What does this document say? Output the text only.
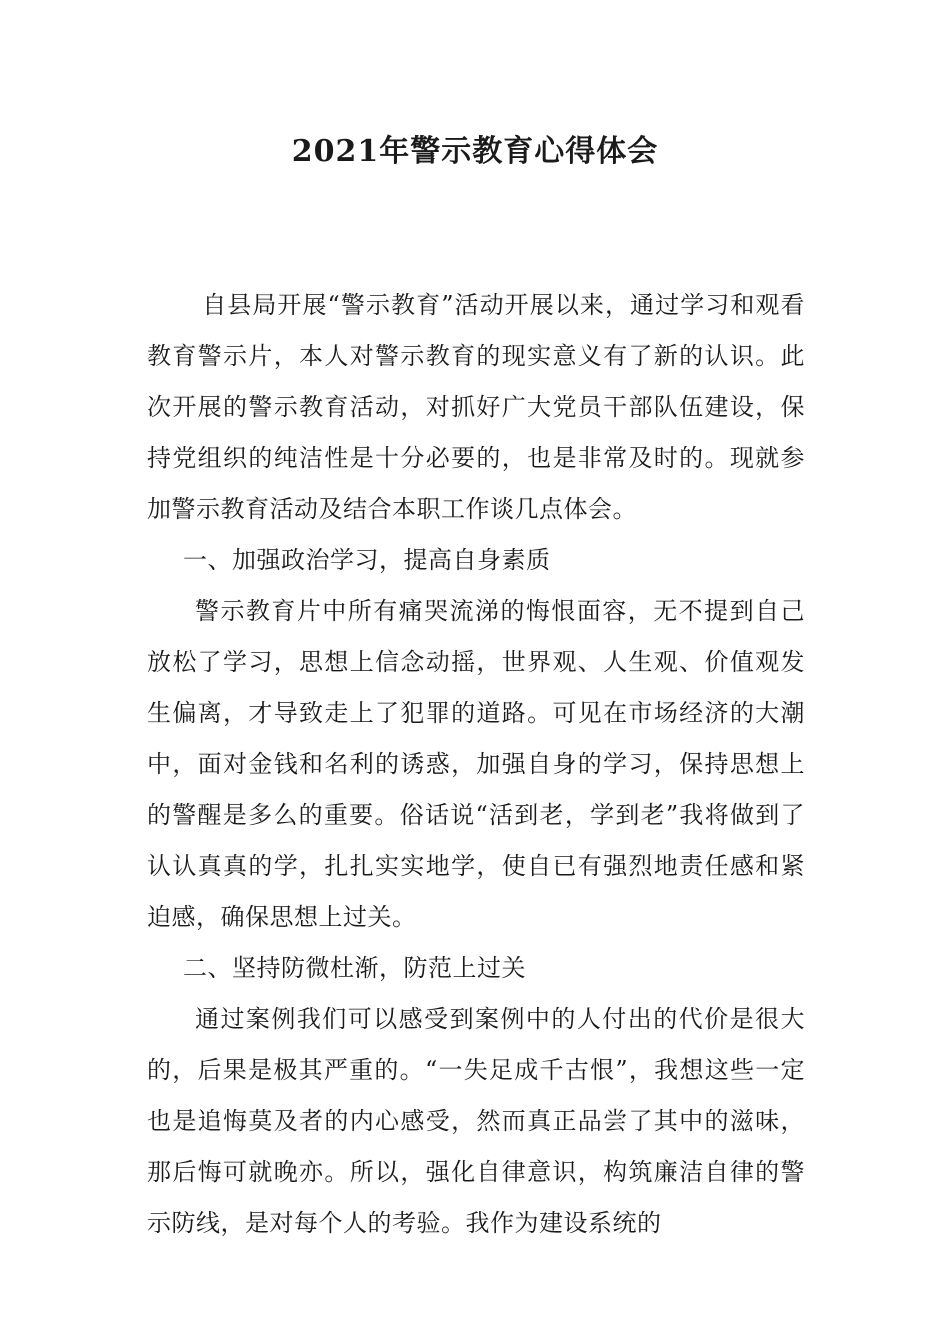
2021年警示教育心得体会

自县局开展“警示教育”活动开展以来，通过学习和观看教育警示片，本人对警示教育的现实意义有了新的认识。此次开展的警示教育活动，对抓好广大党员干部队伍建设，保持党组织的纯洁性是十分必要的，也是非常及时的。现就参加警示教育活动及结合本职工作谈几点体会。

一、加强政治学习，提高自身素质

警示教育片中所有痛哭流涕的悔恨面容，无不提到自己放松了学习，思想上信念动摇，世界观、人生观、价值观发生偏离，才导致走上了犯罪的道路。可见在市场经济的大潮中，面对金钱和名利的诱惑，加强自身的学习，保持思想上的警醒是多么的重要。俗话说“活到老，学到老”我将做到了认认真真的学，扎扎实实地学，使自已有强烈地责任感和紧迫感，确保思想上过关。

二、坚持防微杜渐，防范上过关

通过案例我们可以感受到案例中的人付出的代价是很大的，后果是极其严重的。“一失足成千古恨”，我想这些一定也是追悔莫及者的内心感受，然而真正品尝了其中的滋味，那后悔可就晚亦。所以，强化自律意识，构筑廉洁自律的警示防线，是对每个人的考验。我作为建设系统的
